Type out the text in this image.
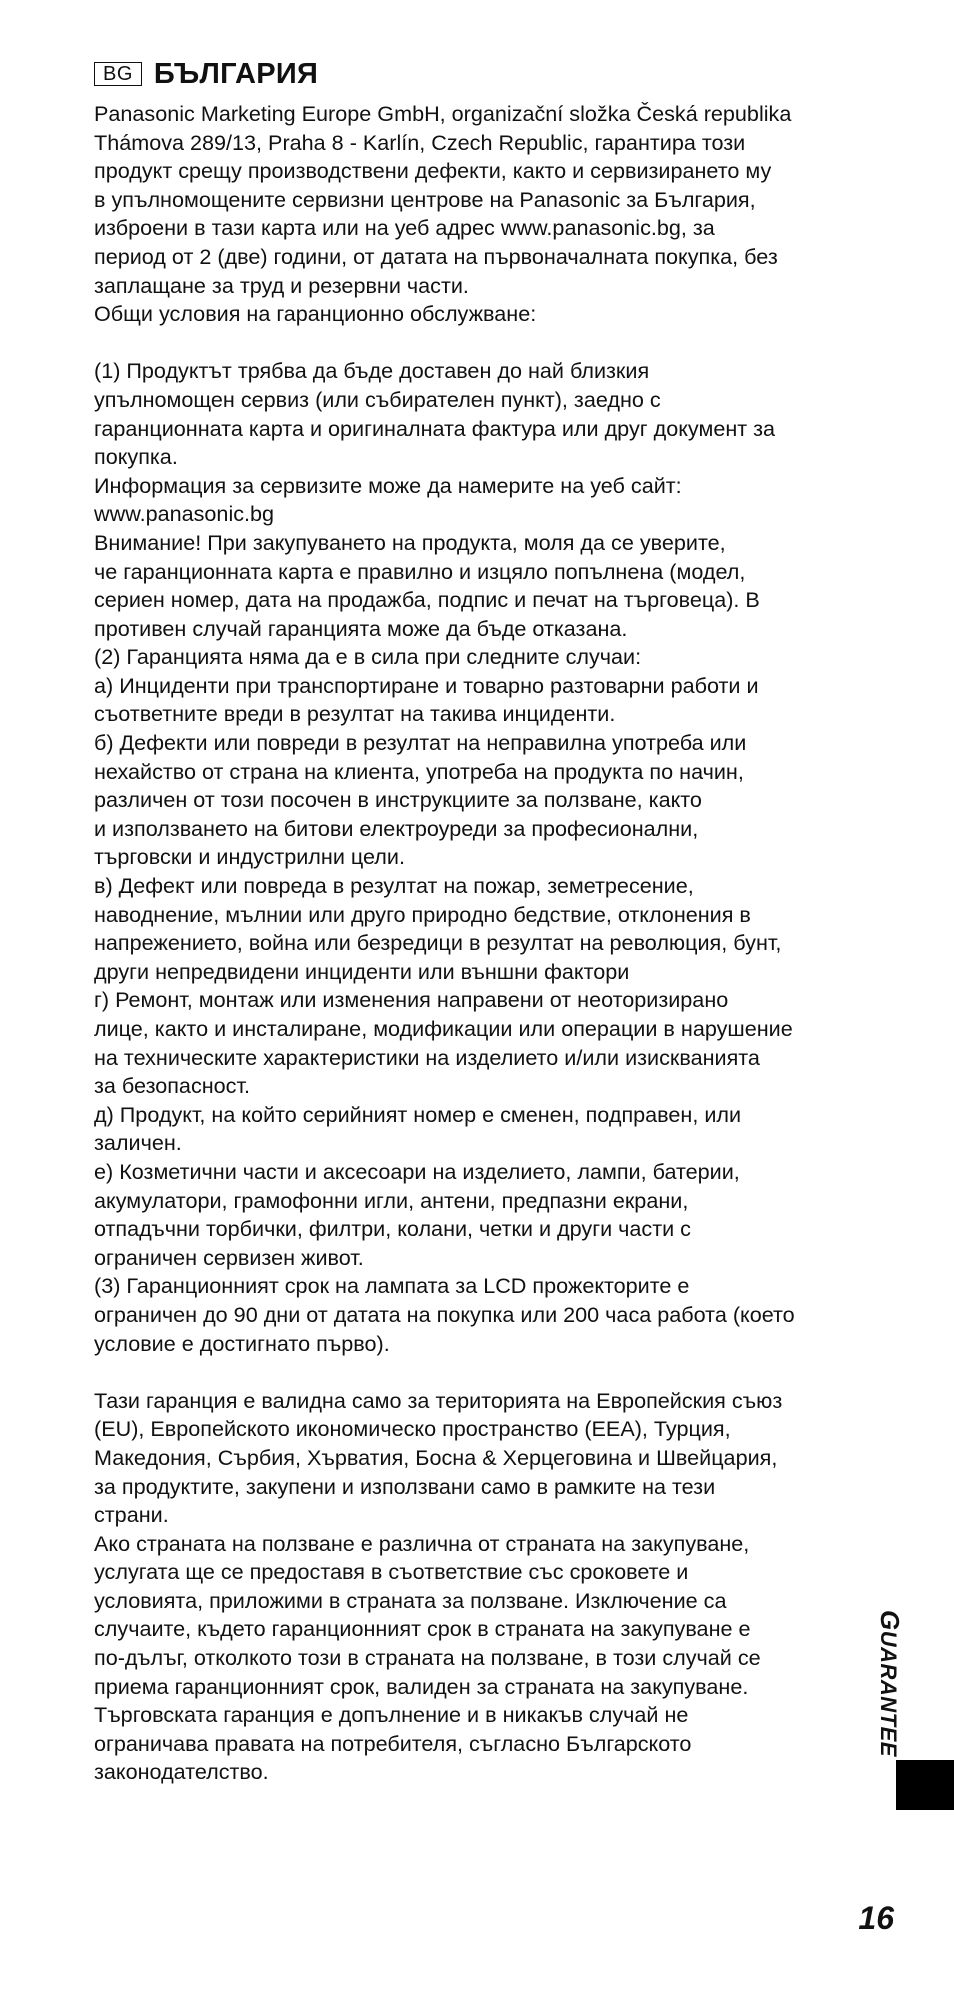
BG БЪЛГАРИЯ
Panasonic Marketing Europe GmbH, organizační složka Česká republika
Thámova 289/13, Praha 8 - Karlín, Czech Republic, гарантира този
продукт срещу производствени дефекти, както и сервизирането му
в упълномощените сервизни центрове на Panasonic за България,
изброени в тази карта или на уеб адрес www.panasonic.bg, за
период от 2 (две) години, от датата на първоначалната покупка, без
заплащане за труд и резервни части.
Общи условия на гаранционно обслужване:
(1) Продуктът трябва да бъде доставен до най близкия
упълномощен сервиз (или събирателен пункт), заедно с
гаранционната карта и оригиналната фактура или друг документ за
покупка.
Информация за сервизите може да намерите на уеб сайт:
www.panasonic.bg
Внимание! При закупуването на продукта, моля да се уверите,
че гаранционната карта е правилно и изцяло попълнена (модел,
сериен номер, дата на продажба, подпис и печат на търговеца). В
противен случай гаранцията може да бъде отказана.
(2) Гаранцията няма да е в сила при следните случаи:
а) Инциденти при транспортиране и товарно разтоварни работи и
съответните вреди в резултат на такива инциденти.
б) Дефекти или повреди в резултат на неправилна употреба или
нехайство от страна на клиента, употреба на продукта по начин,
различен от този посочен в инструкциите за ползване, както
и използването на битови електроуреди за професионални,
търговски и индустрилни цели.
в) Дефект или повреда в резултат на пожар, земетресение,
наводнение, мълнии или друго природно бедствие, отклонения в
напрежението, война или безредици в резултат на революция, бунт,
други непредвидени инциденти или външни фактори
г) Ремонт, монтаж или изменения направени от неоторизирано
лице, както и инсталиране, модификации или операции в нарушение
на техническите характеристики на изделието и/или изискванията
за безопасност.
д) Продукт, на който серийният номер е сменен, подправен, или
заличен.
е) Козметични части и аксесоари на изделието, лампи, батерии,
акумулатори, грамофонни игли, антени, предпазни екрани,
отпадъчни торбички, филтри, колани, четки и други части с
ограничен сервизен живот.
(3) Гаранционният срок на лампата за LCD прожекторите е
ограничен до 90 дни от датата на покупка или 200 часа работа (което
условие е достигнато първо).
Тази гаранция е валидна само за територията на Европейския съюз
(EU), Европейското икономическо пространство (EEA), Турция,
Македония, Сърбия, Хърватия, Босна & Херцеговина и Швейцария,
за продуктите, закупени и използвани само в рамките на тези
страни.
Ако страната на ползване е различна от страната на закупуване,
услугата ще се предоставя в съответствие със сроковете и
условията, приложими в страната за ползване. Изключение са
случаите, където гаранционният срок в страната на закупуване е
по-дълъг, отколкото този в страната на ползване, в този случай се
приема гаранционният срок, валиден за страната на закупуване.
Търговската гаранция е допълнение и в никакъв случай не
ограничава правата на потребителя, съгласно Българското
законодателство.
GUARANTEE
16
